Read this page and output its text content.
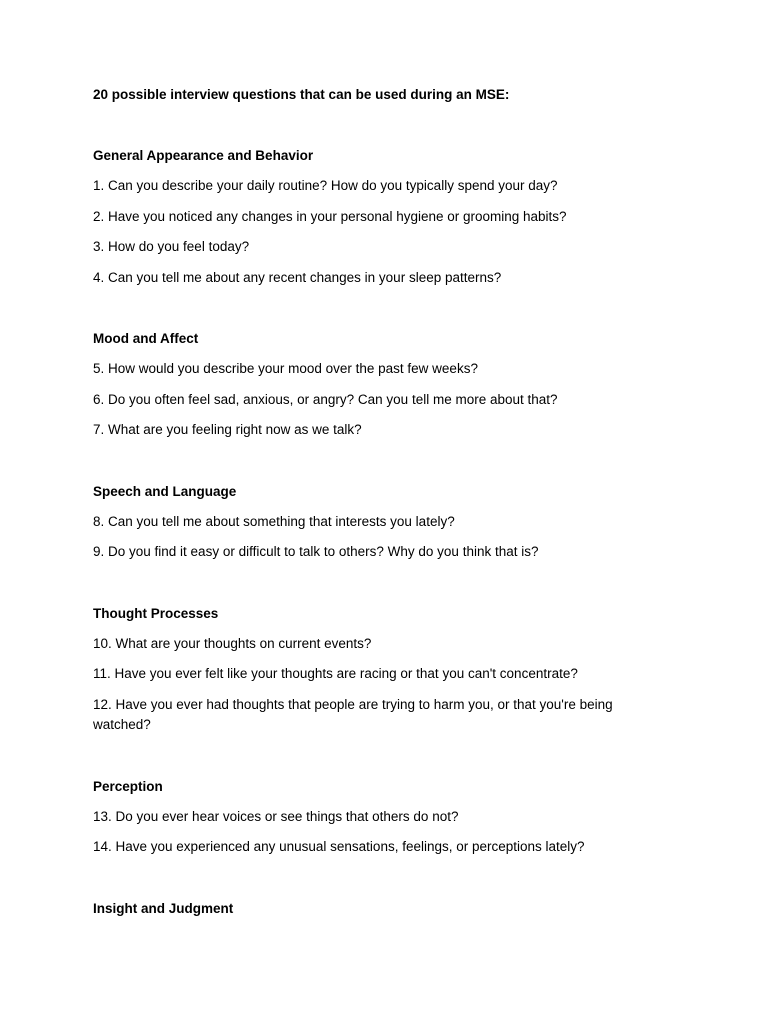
20 possible interview questions that can be used during an MSE:

General Appearance and Behavior

1. Can you describe your daily routine? How do you typically spend your day?

2. Have you noticed any changes in your personal hygiene or grooming habits?

3. How do you feel today?

4. Can you tell me about any recent changes in your sleep patterns?

Mood and Affect

5. How would you describe your mood over the past few weeks?

6. Do you often feel sad, anxious, or angry? Can you tell me more about that?

7. What are you feeling right now as we talk?

Speech and Language

8. Can you tell me about something that interests you lately?

9. Do you find it easy or difficult to talk to others? Why do you think that is?

Thought Processes

10. What are your thoughts on current events?

11. Have you ever felt like your thoughts are racing or that you can't concentrate?

12. Have you ever had thoughts that people are trying to harm you, or that you're being watched?

Perception

13. Do you ever hear voices or see things that others do not?

14. Have you experienced any unusual sensations, feelings, or perceptions lately?

Insight and Judgment
